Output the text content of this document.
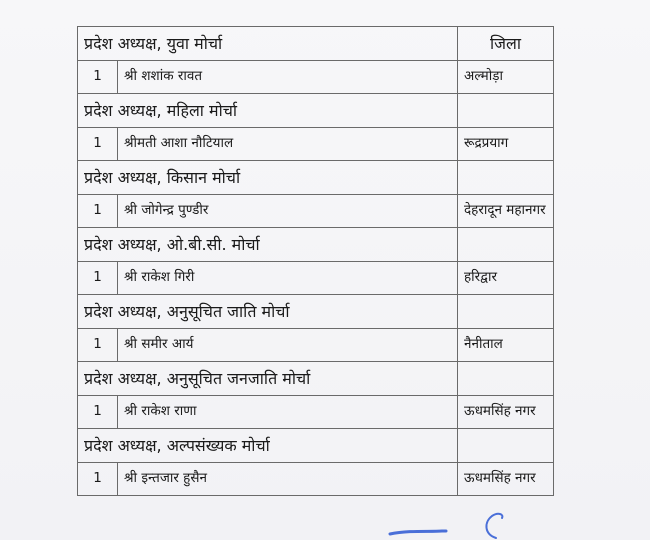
प्रदेश अध्यक्ष, युवा मोर्चा		जिला
1	श्री शशांक रावत	अल्मोड़ा
प्रदेश अध्यक्ष, महिला मोर्चा		
1	श्रीमती आशा नौटियाल	रूद्रप्रयाग
प्रदेश अध्यक्ष, किसान मोर्चा		
1	श्री जोगेन्द्र पुण्डीर	देहरादून महानगर
प्रदेश अध्यक्ष, ओ.बी.सी. मोर्चा		
1	श्री राकेश गिरी	हरिद्वार
प्रदेश अध्यक्ष, अनुसूचित जाति मोर्चा		
1	श्री समीर आर्य	नैनीताल
प्रदेश अध्यक्ष, अनुसूचित जनजाति मोर्चा		
1	श्री राकेश राणा	ऊधमसिंह नगर
प्रदेश अध्यक्ष, अल्पसंख्यक मोर्चा		
1	श्री इन्तजार हुसैन	ऊधमसिंह नगर
